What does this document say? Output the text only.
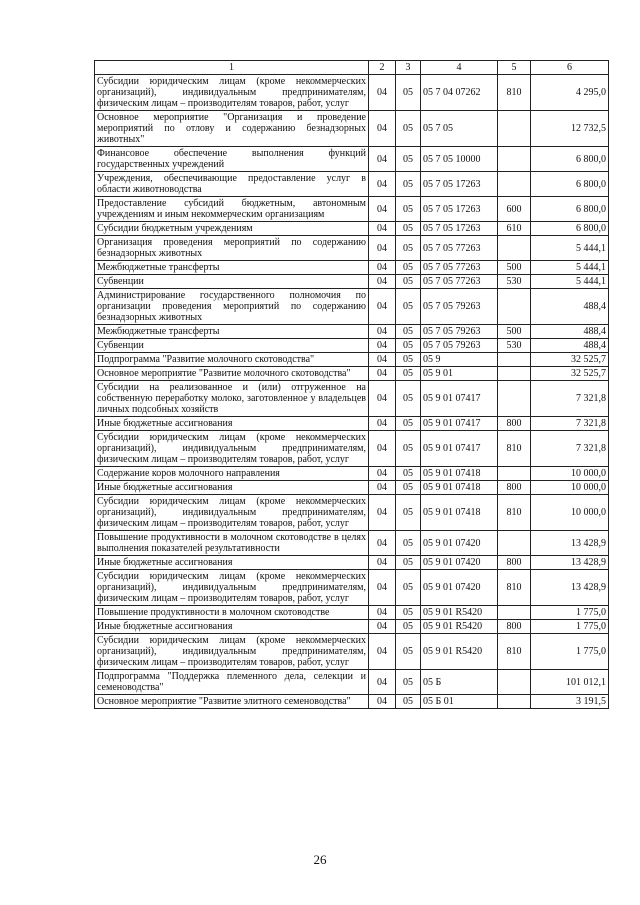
1	2	3	4	5	6
Субсидии юридическим лицам (кроме некоммерческих организаций), индивидуальным предпринимателям, физическим лицам – производителям товаров, работ, услуг	04	05	05 7 04 07262	810	4 295,0
Основное мероприятие "Организация и проведение мероприятий по отлову и содержанию безнадзорных животных"	04	05	05 7 05		12 732,5
Финансовое обеспечение выполнения функций государственных учреждений	04	05	05 7 05 10000		6 800,0
Учреждения, обеспечивающие предоставление услуг в области животноводства	04	05	05 7 05 17263		6 800,0
Предоставление субсидий бюджетным, автономным учреждениям и иным некоммерческим организациям	04	05	05 7 05 17263	600	6 800,0
Субсидии бюджетным учреждениям	04	05	05 7 05 17263	610	6 800,0
Организация проведения мероприятий по содержанию безнадзорных животных	04	05	05 7 05 77263		5 444,1
Межбюджетные трансферты	04	05	05 7 05 77263	500	5 444,1
Субвенции	04	05	05 7 05 77263	530	5 444,1
Администрирование государственного полномочия по организации проведения мероприятий по содержанию безнадзорных животных	04	05	05 7 05 79263		488,4
Межбюджетные трансферты	04	05	05 7 05 79263	500	488,4
Субвенции	04	05	05 7 05 79263	530	488,4
Подпрограмма "Развитие молочного скотоводства"	04	05	05 9		32 525,7
Основное мероприятие "Развитие молочного скотоводства"	04	05	05 9 01		32 525,7
Субсидии на реализованное и (или) отгруженное на собственную переработку молоко, заготовленное у владельцев личных подсобных хозяйств	04	05	05 9 01 07417		7 321,8
Иные бюджетные ассигнования	04	05	05 9 01 07417	800	7 321,8
Субсидии юридическим лицам (кроме некоммерческих организаций), индивидуальным предпринимателям, физическим лицам – производителям товаров, работ, услуг	04	05	05 9 01 07417	810	7 321,8
Содержание коров молочного направления	04	05	05 9 01 07418		10 000,0
Иные бюджетные ассигнования	04	05	05 9 01 07418	800	10 000,0
Субсидии юридическим лицам (кроме некоммерческих организаций), индивидуальным предпринимателям, физическим лицам – производителям товаров, работ, услуг	04	05	05 9 01 07418	810	10 000,0
Повышение продуктивности в молочном скотоводстве в целях выполнения показателей результативности	04	05	05 9 01 07420		13 428,9
Иные бюджетные ассигнования	04	05	05 9 01 07420	800	13 428,9
Субсидии юридическим лицам (кроме некоммерческих организаций), индивидуальным предпринимателям, физическим лицам – производителям товаров, работ, услуг	04	05	05 9 01 07420	810	13 428,9
Повышение продуктивности в молочном скотоводстве	04	05	05 9 01 R5420		1 775,0
Иные бюджетные ассигнования	04	05	05 9 01 R5420	800	1 775,0
Субсидии юридическим лицам (кроме некоммерческих организаций), индивидуальным предпринимателям, физическим лицам – производителям товаров, работ, услуг	04	05	05 9 01 R5420	810	1 775,0
Подпрограмма "Поддержка племенного дела, селекции и семеноводства"	04	05	05 Б		101 012,1
Основное мероприятие "Развитие элитного семеноводства"	04	05	05 Б 01		3 191,5
26
